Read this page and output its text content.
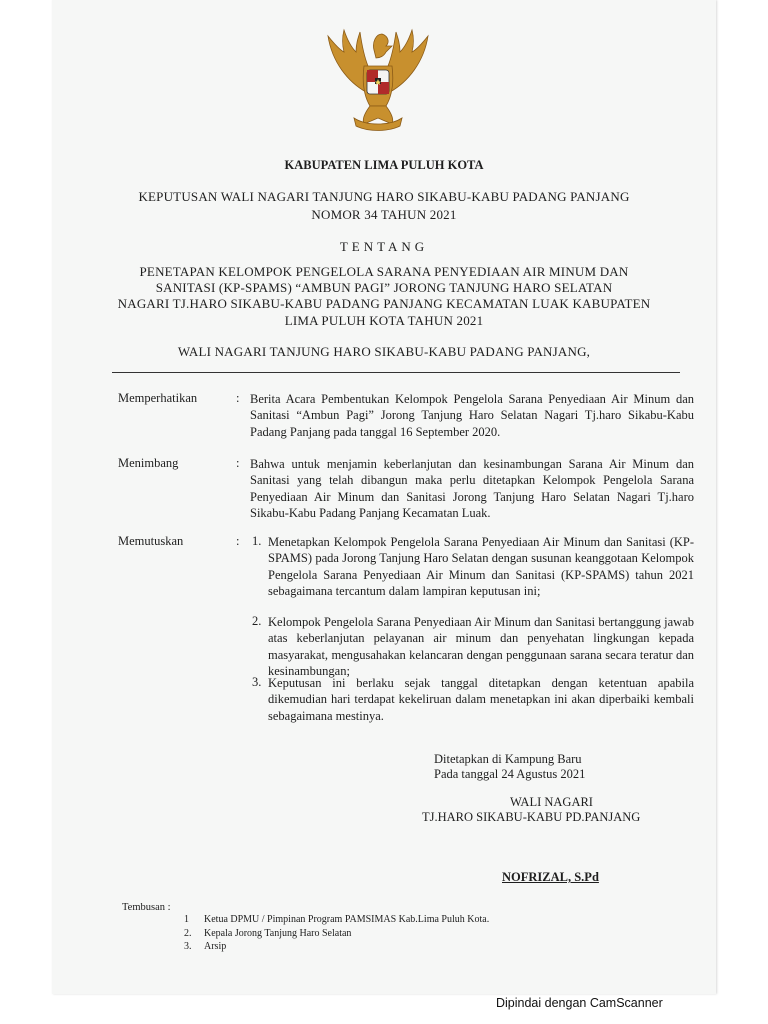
KABUPATEN LIMA PULUH KOTA
KEPUTUSAN WALI NAGARI TANJUNG HARO SIKABU-KABU PADANG PANJANG
NOMOR 34 TAHUN 2021
TENTANG
PENETAPAN KELOMPOK PENGELOLA SARANA PENYEDIAAN AIR MINUM DAN
SANITASI (KP-SPAMS) “AMBUN PAGI” JORONG TANJUNG HARO SELATAN
NAGARI TJ.HARO SIKABU-KABU PADANG PANJANG KECAMATAN LUAK KABUPATEN
LIMA PULUH KOTA TAHUN 2021
WALI NAGARI TANJUNG HARO SIKABU-KABU PADANG PANJANG,
Memperhatikan	: Berita Acara Pembentukan Kelompok Pengelola Sarana Penyediaan Air Minum dan Sanitasi “Ambun Pagi” Jorong Tanjung Haro Selatan Nagari Tj.haro Sikabu-Kabu Padang Panjang pada tanggal 16 September 2020.
Menimbang	: Bahwa untuk menjamin keberlanjutan dan kesinambungan Sarana Air Minum dan Sanitasi yang telah dibangun maka perlu ditetapkan Kelompok Pengelola Sarana Penyediaan Air Minum dan Sanitasi Jorong Tanjung Haro Selatan Nagari Tj.haro Sikabu-Kabu Padang Panjang Kecamatan Luak.
Memutuskan	: 1. Menetapkan Kelompok Pengelola Sarana Penyediaan Air Minum dan Sanitasi (KP-SPAMS) pada Jorong Tanjung Haro Selatan dengan susunan keanggotaan Kelompok Pengelola Sarana Penyediaan Air Minum dan Sanitasi (KP-SPAMS) tahun 2021 sebagaimana tercantum dalam lampiran keputusan ini;
2. Kelompok Pengelola Sarana Penyediaan Air Minum dan Sanitasi bertanggung jawab atas keberlanjutan pelayanan air minum dan penyehatan lingkungan kepada masyarakat, mengusahakan kelancaran dengan penggunaan sarana secara teratur dan kesinambungan;
3. Keputusan ini berlaku sejak tanggal ditetapkan dengan ketentuan apabila dikemudian hari terdapat kekeliruan dalam menetapkan ini akan diperbaiki kembali sebagaimana mestinya.
Ditetapkan di Kampung Baru
Pada tanggal 24 Agustus 2021
WALI NAGARI
TJ.HARO SIKABU-KABU PD.PANJANG
NOFRIZAL, S.Pd
Tembusan :
1 Ketua DPMU / Pimpinan Program PAMSIMAS Kab.Lima Puluh Kota.
2. Kepala Jorong Tanjung Haro Selatan
3. Arsip
Dipindai dengan CamScanner
